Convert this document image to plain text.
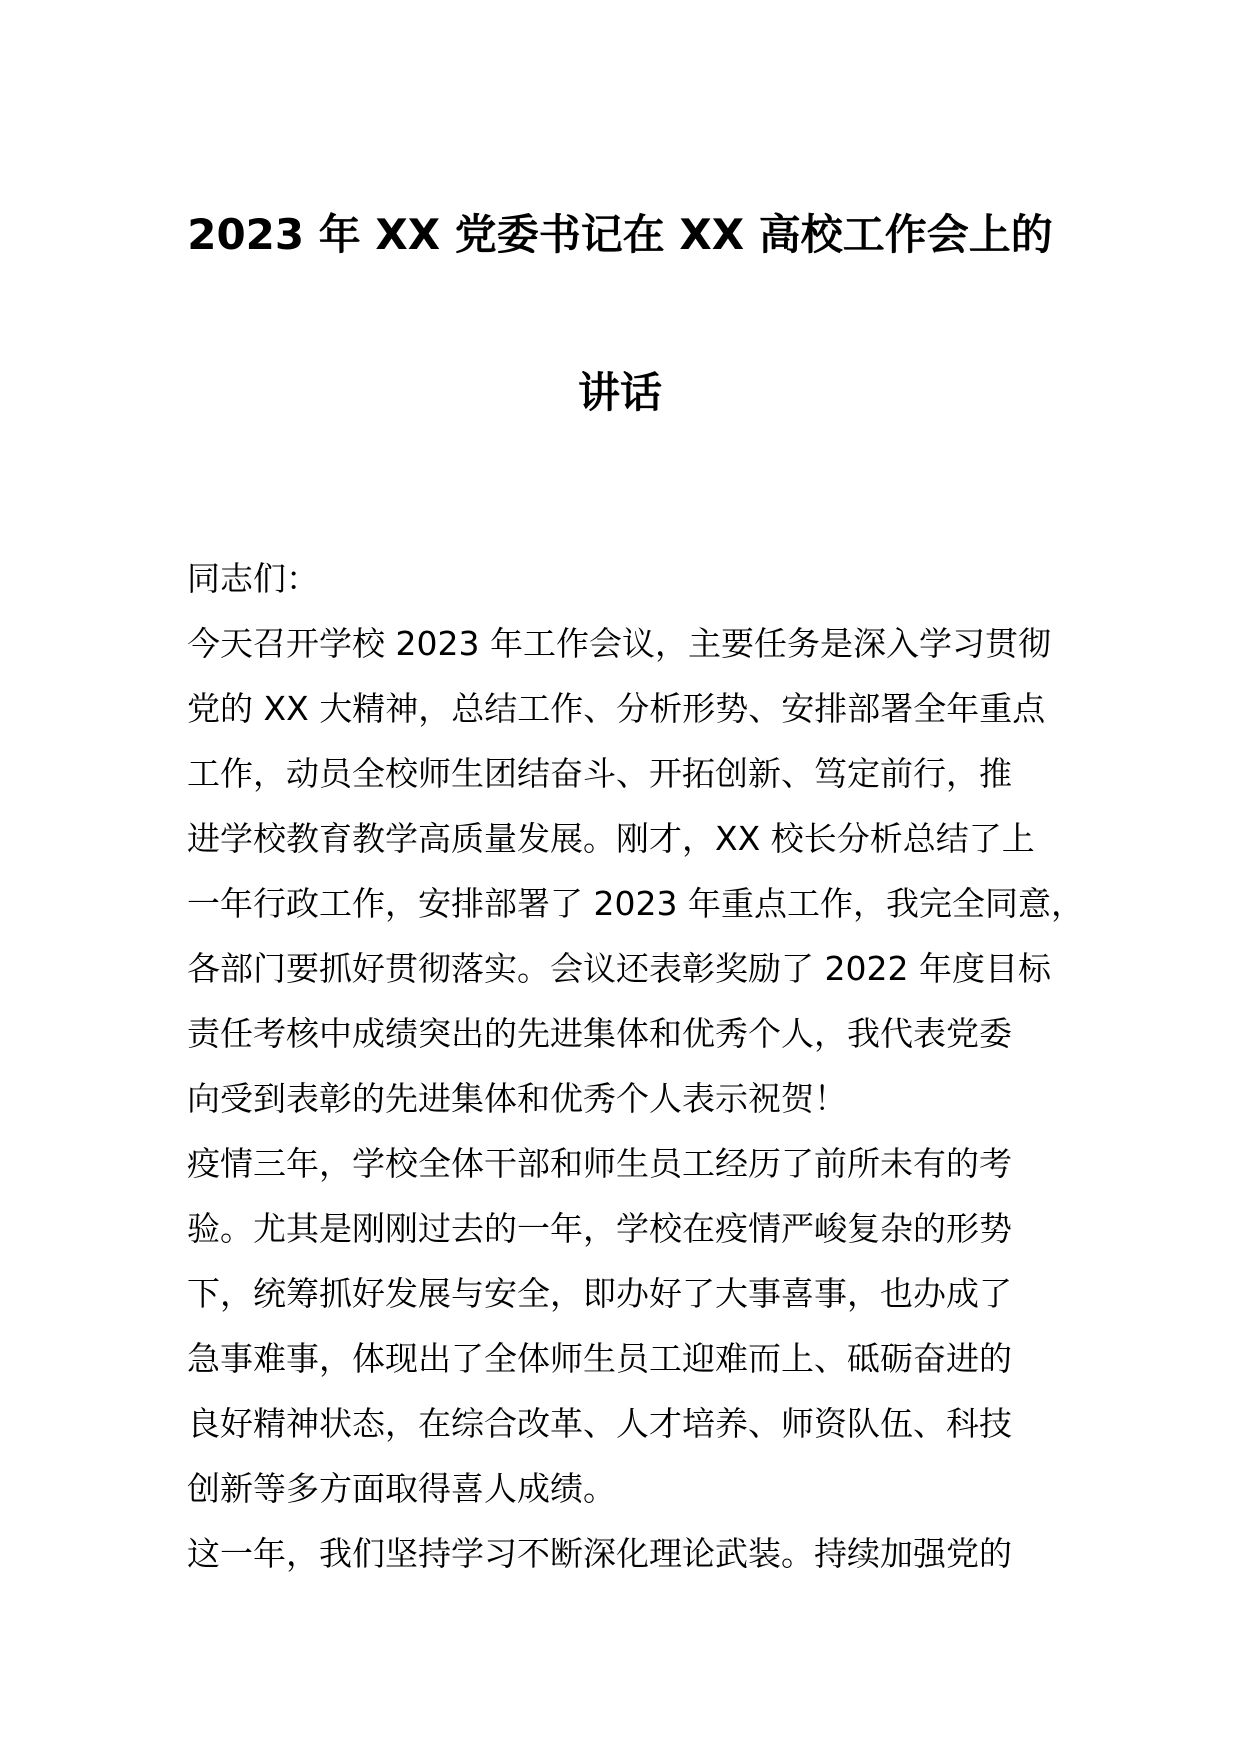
2023 年 XX 党委书记在 XX 高校工作会上的
讲话
同志们：
今天召开学校 2023 年工作会议，主要任务是深入学习贯彻
党的 XX 大精神，总结工作、分析形势、安排部署全年重点
工作，动员全校师生团结奋斗、开拓创新、笃定前行，推
进学校教育教学高质量发展。刚才，XX 校长分析总结了上
一年行政工作，安排部署了 2023 年重点工作，我完全同意，
各部门要抓好贯彻落实。会议还表彰奖励了 2022 年度目标
责任考核中成绩突出的先进集体和优秀个人，我代表党委
向受到表彰的先进集体和优秀个人表示祝贺！
疫情三年，学校全体干部和师生员工经历了前所未有的考
验。尤其是刚刚过去的一年，学校在疫情严峻复杂的形势
下，统筹抓好发展与安全，即办好了大事喜事，也办成了
急事难事，体现出了全体师生员工迎难而上、砥砺奋进的
良好精神状态，在综合改革、人才培养、师资队伍、科技
创新等多方面取得喜人成绩。
这一年，我们坚持学习不断深化理论武装。持续加强党的
